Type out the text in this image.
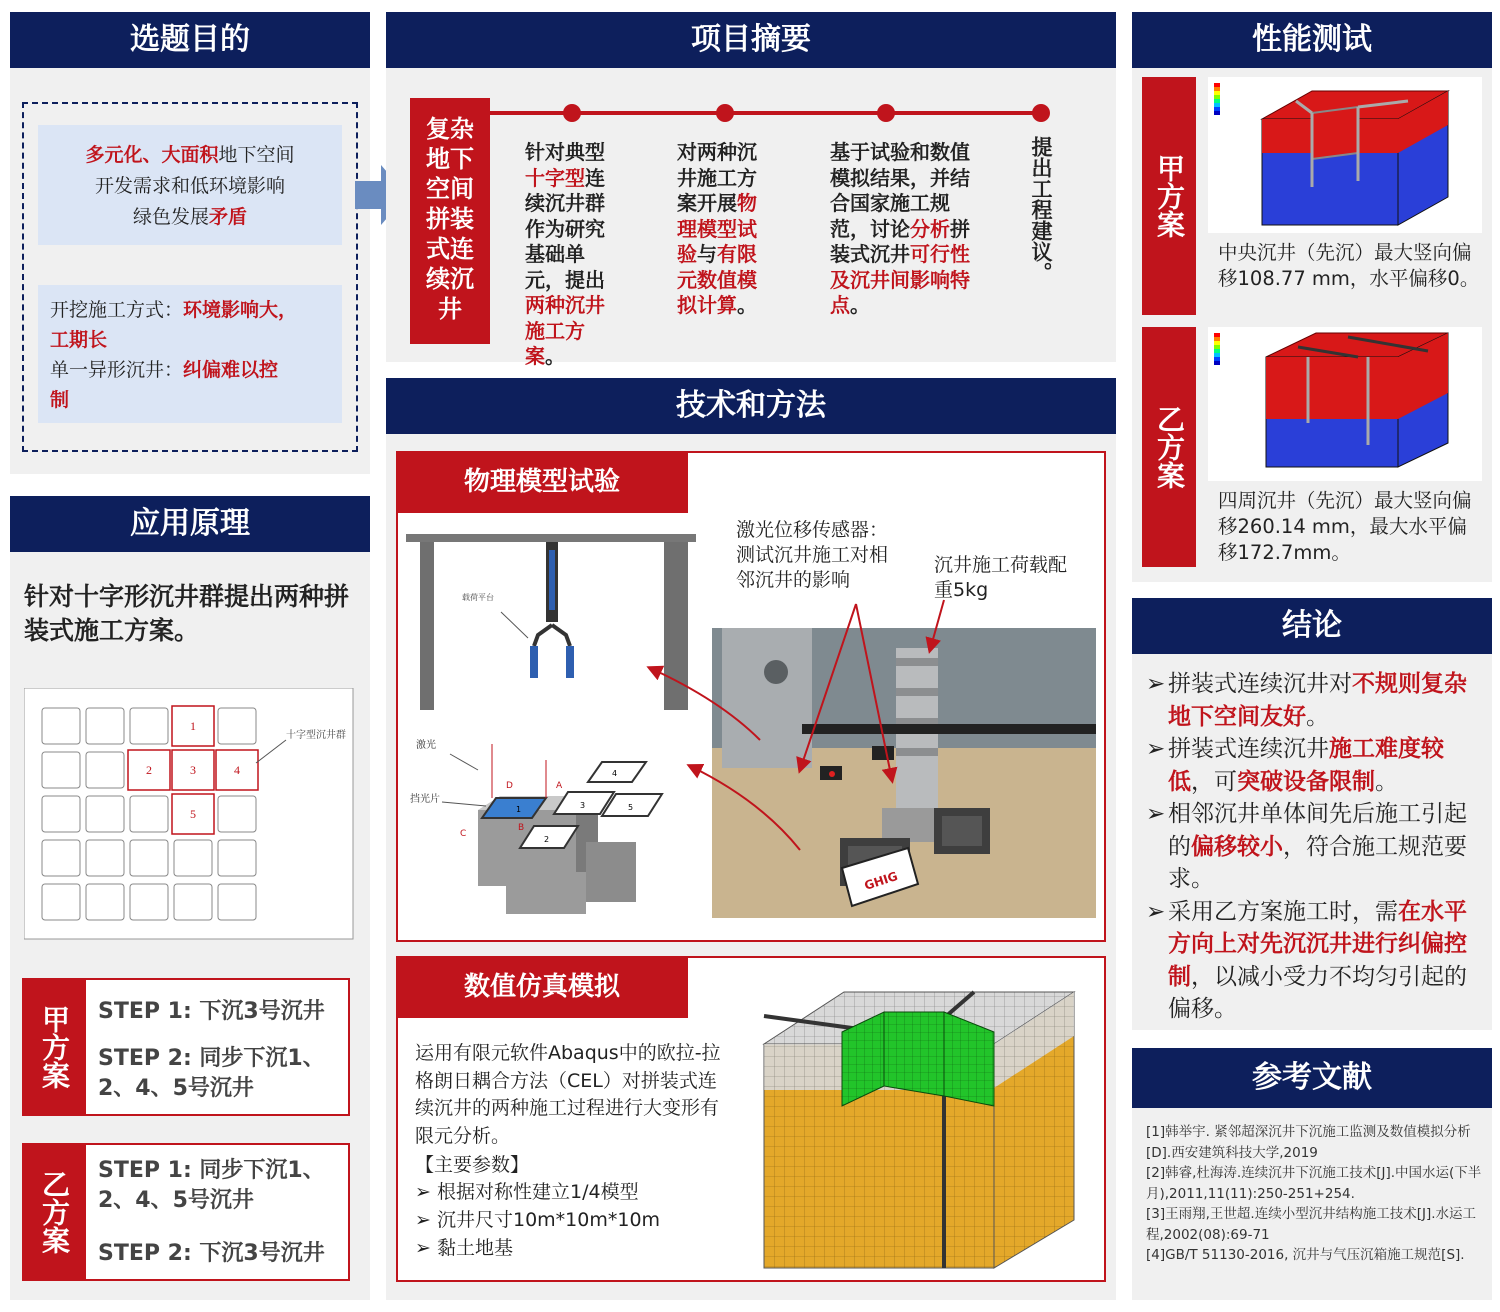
选题目的
多元化、大面积地下空间
开发需求和低环境影响
绿色发展矛盾
开挖施工方式：环境影响大，
工期长
单一异形沉井：纠偏难以控
制
应用原理
针对十字形沉井群提出两种拼装式施工方案。
1
2	3	4
5
十字型沉井群
甲方案	STEP 1: 下沉3号沉井
STEP 2: 同步下沉1、2、4、5号沉井
乙方案	STEP 1: 同步下沉1、2、4、5号沉井
STEP 2: 下沉3号沉井
项目摘要
复杂地下空间拼装式连续沉井
针对典型十字型连续沉井群作为研究基础单元，提出两种沉井施工方案。
对两种沉井施工方案开展物理模型试验与有限元数值模拟计算。
基于试验和数值模拟结果，并结合国家施工规范，讨论分析拼装式沉井可行性及沉井间影响特点。
提出工程建议。
技术和方法
物理模型试验
载荷平台
4
3	5
1
2
激光
挡光片
D	A
C
B
激光位移传感器：测试沉井施工对相邻沉井的影响
沉井施工荷载配重5kg
GHIG
数值仿真模拟
运用有限元软件Abaqus中的欧拉-拉格朗日耦合方法（CEL）对拼装式连续沉井的两种施工过程进行大变形有限元分析。
【主要参数】
➢ 根据对称性建立1/4模型
➢ 沉井尺寸10m*10m*10m
➢ 黏土地基
性能测试
甲方案
中央沉井（先沉）最大竖向偏移108.77 mm，水平偏移0。
乙方案
四周沉井（先沉）最大竖向偏移260.14 mm，最大水平偏移172.7mm。
结论
➢ 拼装式连续沉井对不规则复杂地下空间友好。
➢ 拼装式连续沉井施工难度较低，可突破设备限制。
➢ 相邻沉井单体间先后施工引起的偏移较小，符合施工规范要求。
➢ 采用乙方案施工时，需在水平方向上对先沉沉井进行纠偏控制，以减小受力不均匀引起的偏移。
参考文献
[1]韩举宇. 紧邻超深沉井下沉施工监测及数值模拟分析[D].西安建筑科技大学,2019
[2]韩睿,杜海涛.连续沉井下沉施工技术[J].中国水运(下半月),2011,11(11):250-251+254.
[3]王雨翔,王世超.连续小型沉井结构施工技术[J].水运工程,2002(08):69-71
[4]GB/T 51130-2016, 沉井与气压沉箱施工规范[S].
